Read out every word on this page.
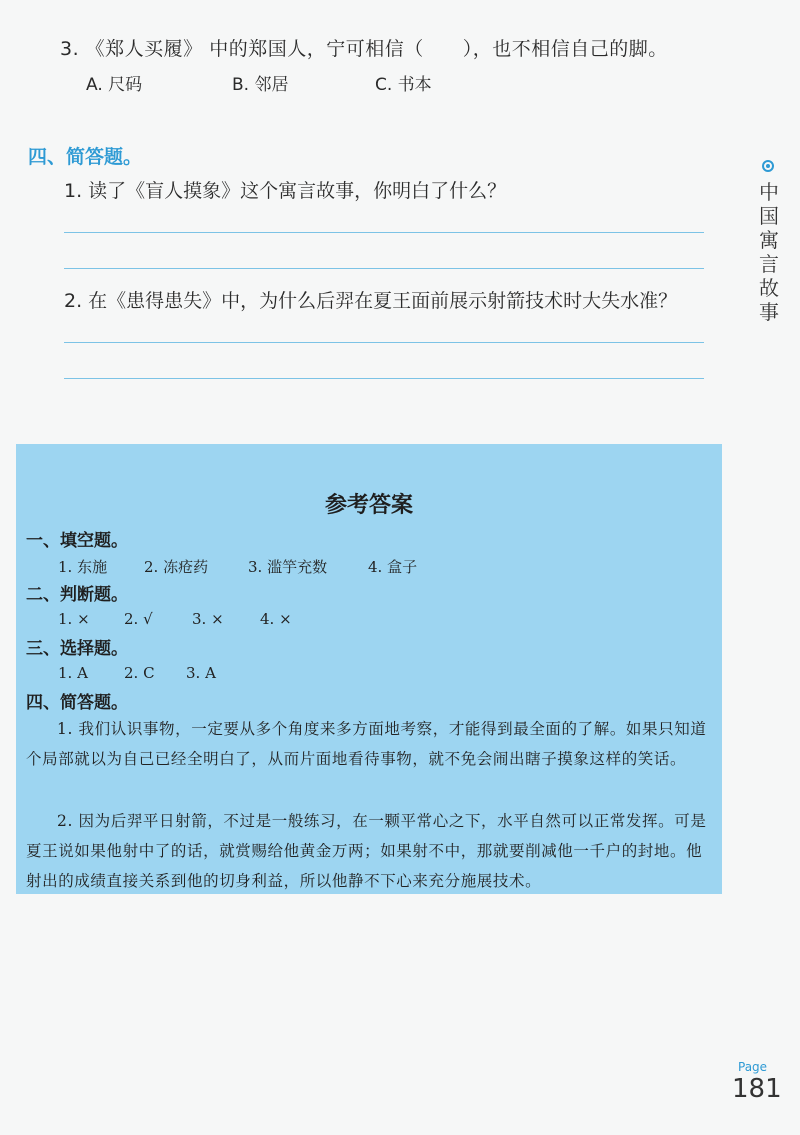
3. 《郑人买履》 中的郑国人，宁可相信（　　），也不相信自己的脚。
A. 尺码	B. 邻居	C. 书本
四、简答题。
1. 读了《盲人摸象》这个寓言故事，你明白了什么？
2. 在《患得患失》中，为什么后羿在夏王面前展示射箭技术时大失水准？
中国寓言故事
参考答案
一、填空题。
1. 东施 2. 冻疮药	3. 滥竽充数	4. 盒子
二、判断题。
1. × 2. √	3. × 4. ×
三、选择题。
1. A 2. C 3. A
四、简答题。
1. 我们认识事物，一定要从多个角度来多方面地考察，才能得到最全面的了解。如果只知道个局部就以为自己已经全明白了，从而片面地看待事物，就不免会闹出瞎子摸象这样的笑话。
2. 因为后羿平日射箭，不过是一般练习，在一颗平常心之下，水平自然可以正常发挥。可是夏王说如果他射中了的话，就赏赐给他黄金万两；如果射不中，那就要削减他一千户的封地。他射出的成绩直接关系到他的切身利益，所以他静不下心来充分施展技术。
Page
181
